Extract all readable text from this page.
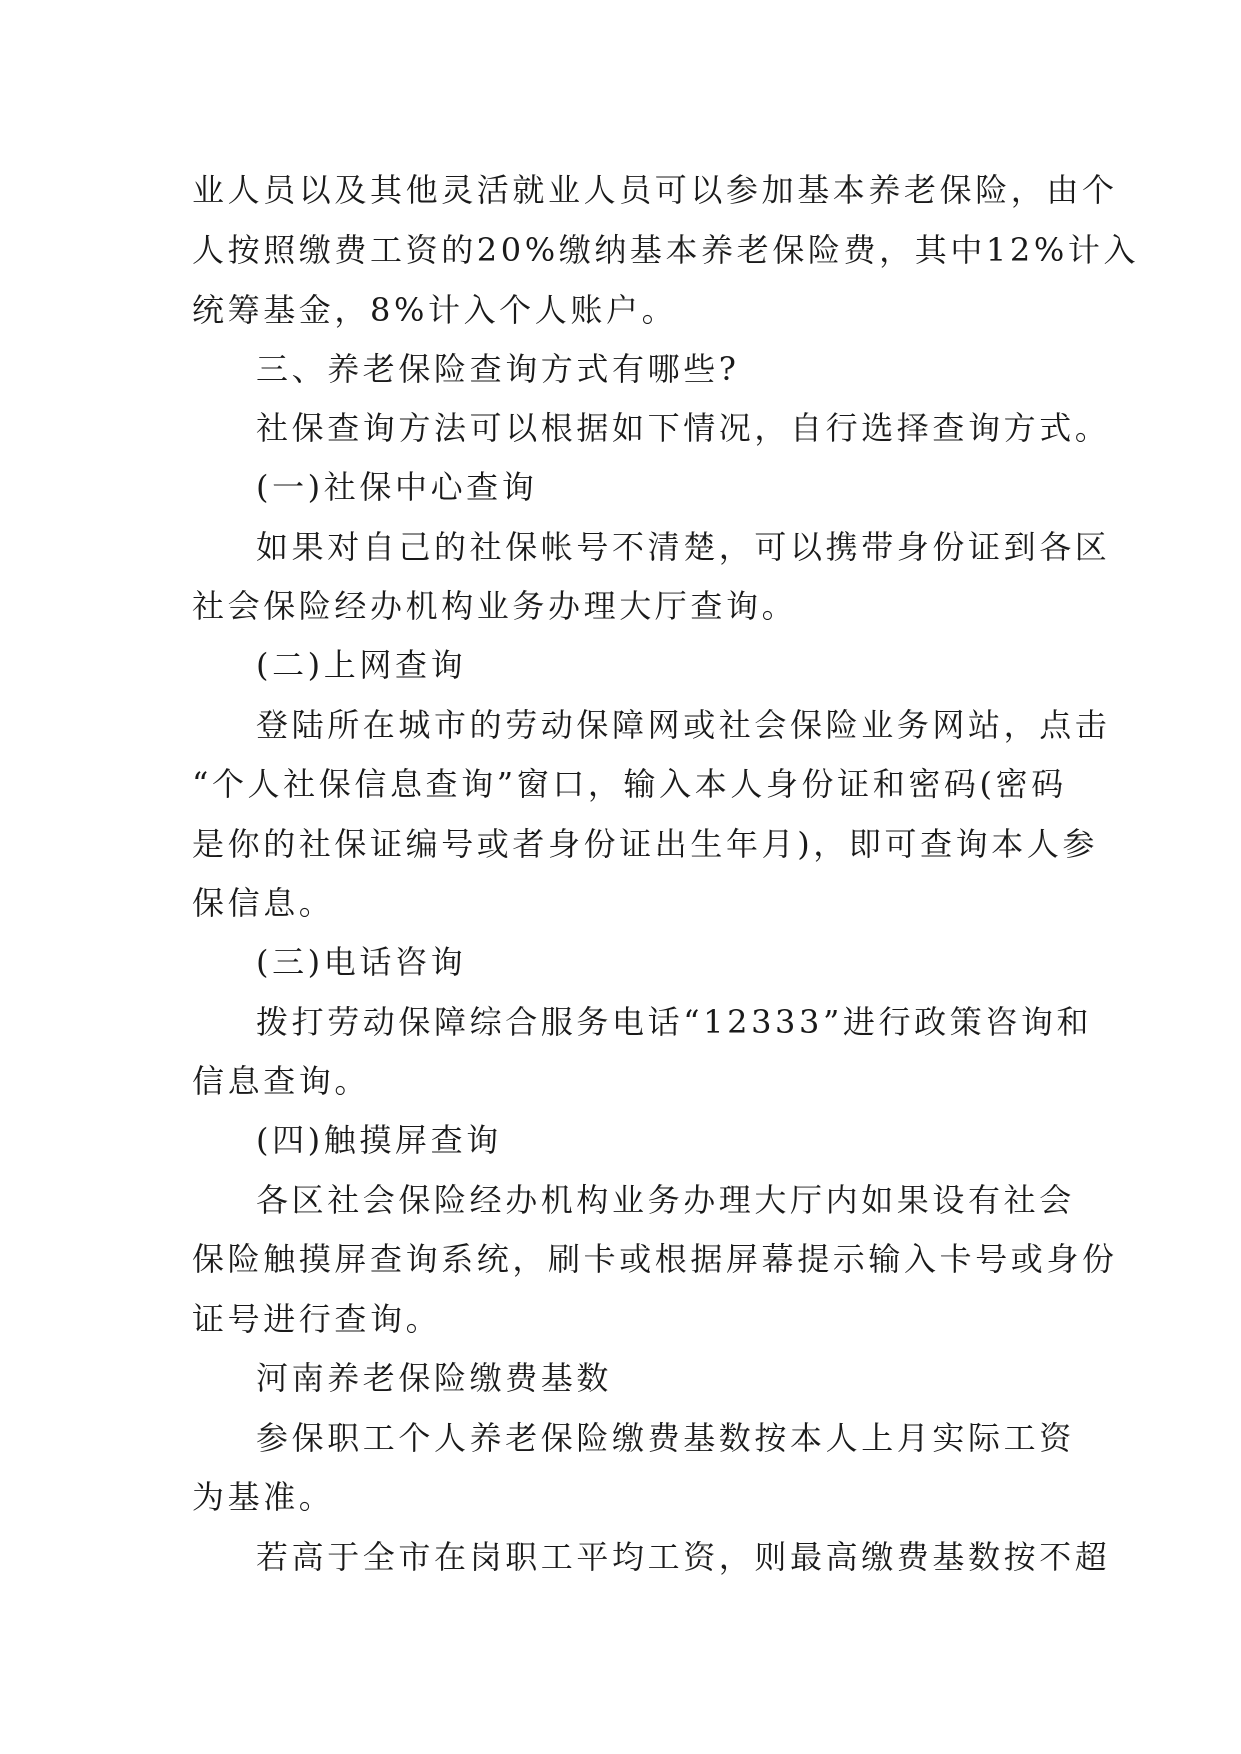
业人员以及其他灵活就业人员可以参加基本养老保险，由个
人按照缴费工资的20%缴纳基本养老保险费，其中12%计入
统筹基金，8%计入个人账户。
三、养老保险查询方式有哪些?
社保查询方法可以根据如下情况，自行选择查询方式。
(一)社保中心查询
如果对自己的社保帐号不清楚，可以携带身份证到各区
社会保险经办机构业务办理大厅查询。
(二)上网查询
登陆所在城市的劳动保障网或社会保险业务网站，点击
“个人社保信息查询”窗口，输入本人身份证和密码(密码
是你的社保证编号或者身份证出生年月)，即可查询本人参
保信息。
(三)电话咨询
拨打劳动保障综合服务电话“12333”进行政策咨询和
信息查询。
(四)触摸屏查询
各区社会保险经办机构业务办理大厅内如果设有社会
保险触摸屏查询系统，刷卡或根据屏幕提示输入卡号或身份
证号进行查询。
河南养老保险缴费基数
参保职工个人养老保险缴费基数按本人上月实际工资
为基准。
若高于全市在岗职工平均工资，则最高缴费基数按不超
